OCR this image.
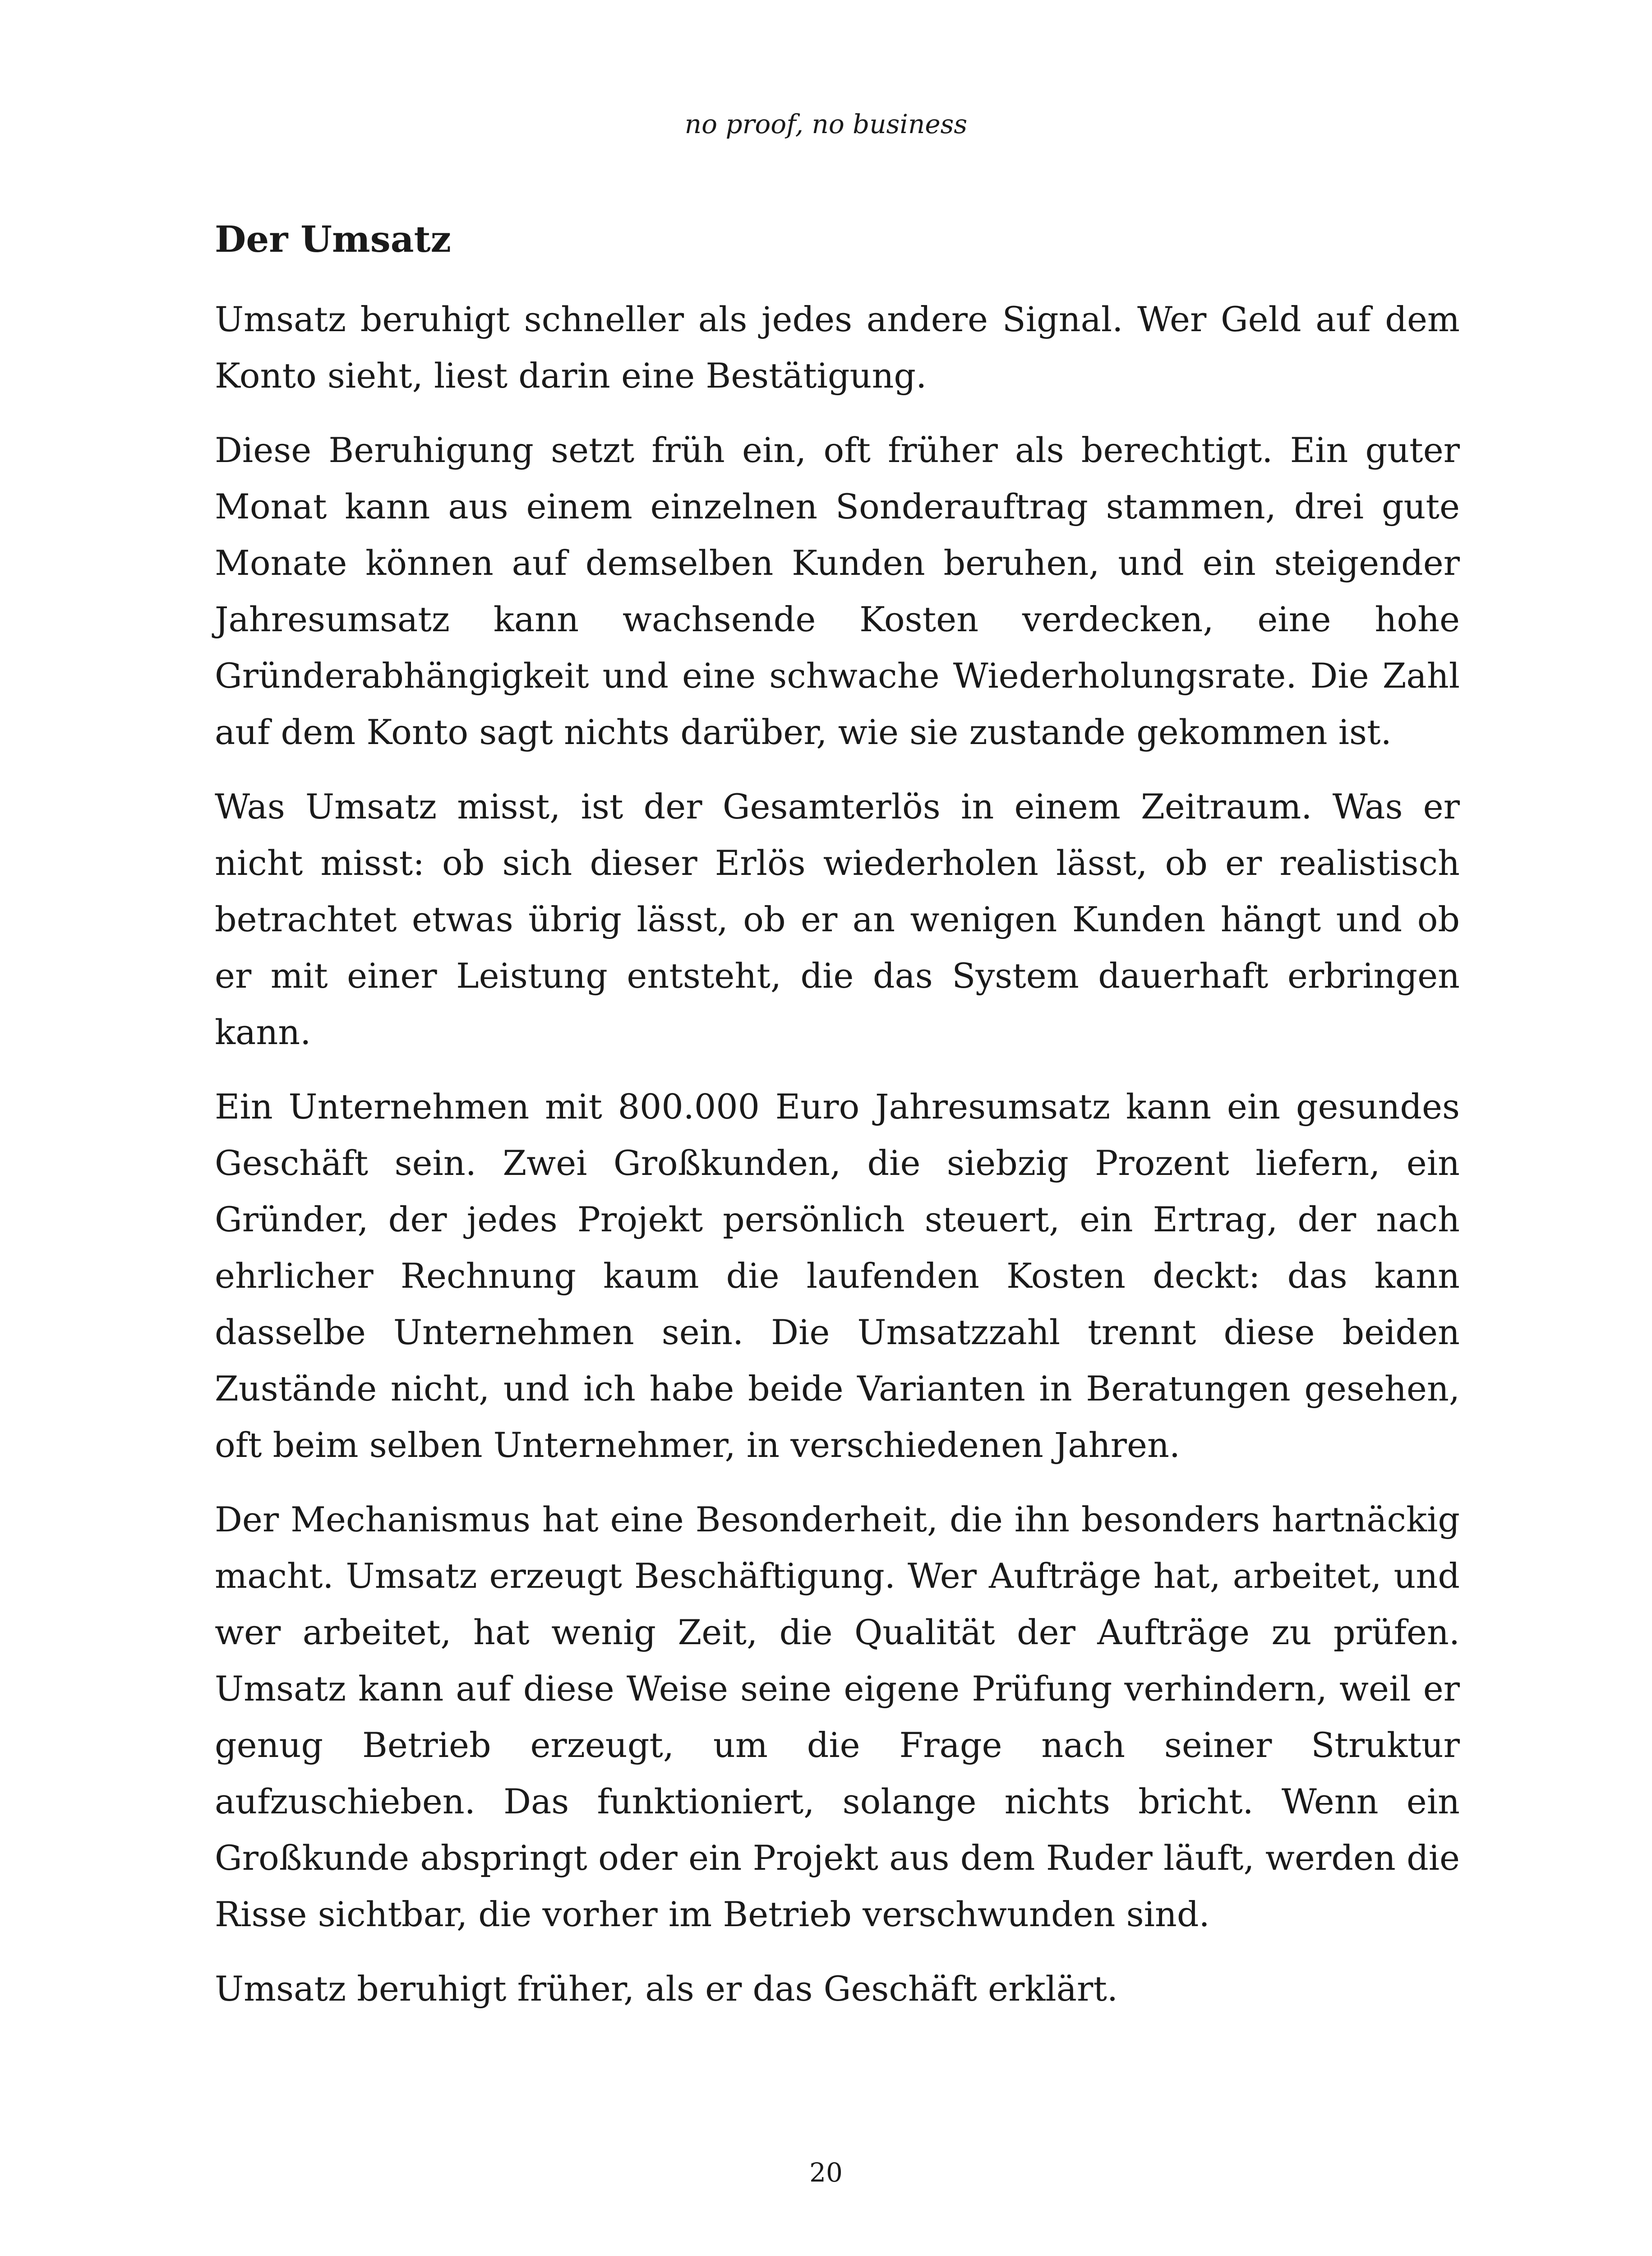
no proof, no business
Der Umsatz

Umsatz beruhigt schneller als jedes andere Signal. Wer Geld auf dem Konto sieht, liest darin eine Bestätigung.

Diese Beruhigung setzt früh ein, oft früher als berechtigt. Ein guter Monat kann aus einem einzelnen Sonderauftrag stammen, drei gute Monate können auf demselben Kunden beruhen, und ein steigender Jahresumsatz kann wachsende Kosten verdecken, eine hohe Gründerabhängigkeit und eine schwache Wiederholungsrate. Die Zahl auf dem Konto sagt nichts darüber, wie sie zustande gekommen ist.

Was Umsatz misst, ist der Gesamterlös in einem Zeitraum. Was er nicht misst: ob sich dieser Erlös wiederholen lässt, ob er realistisch betrachtet etwas übrig lässt, ob er an wenigen Kunden hängt und ob er mit einer Leistung entsteht, die das System dauerhaft erbringen kann.

Ein Unternehmen mit 800.000 Euro Jahresumsatz kann ein gesundes Geschäft sein. Zwei Großkunden, die siebzig Prozent liefern, ein Gründer, der jedes Projekt persönlich steuert, ein Ertrag, der nach ehrlicher Rechnung kaum die laufenden Kosten deckt: das kann dasselbe Unternehmen sein. Die Umsatzzahl trennt diese beiden Zustände nicht, und ich habe beide Varianten in Beratungen gesehen, oft beim selben Unternehmer, in verschiedenen Jahren.

Der Mechanismus hat eine Besonderheit, die ihn besonders hartnäckig macht. Umsatz erzeugt Beschäftigung. Wer Aufträge hat, arbeitet, und wer arbeitet, hat wenig Zeit, die Qualität der Aufträge zu prüfen. Umsatz kann auf diese Weise seine eigene Prüfung verhindern, weil er genug Betrieb erzeugt, um die Frage nach seiner Struktur aufzuschieben. Das funktioniert, solange nichts bricht. Wenn ein Großkunde abspringt oder ein Projekt aus dem Ruder läuft, werden die Risse sichtbar, die vorher im Betrieb verschwunden sind.

Umsatz beruhigt früher, als er das Geschäft erklärt.

20
